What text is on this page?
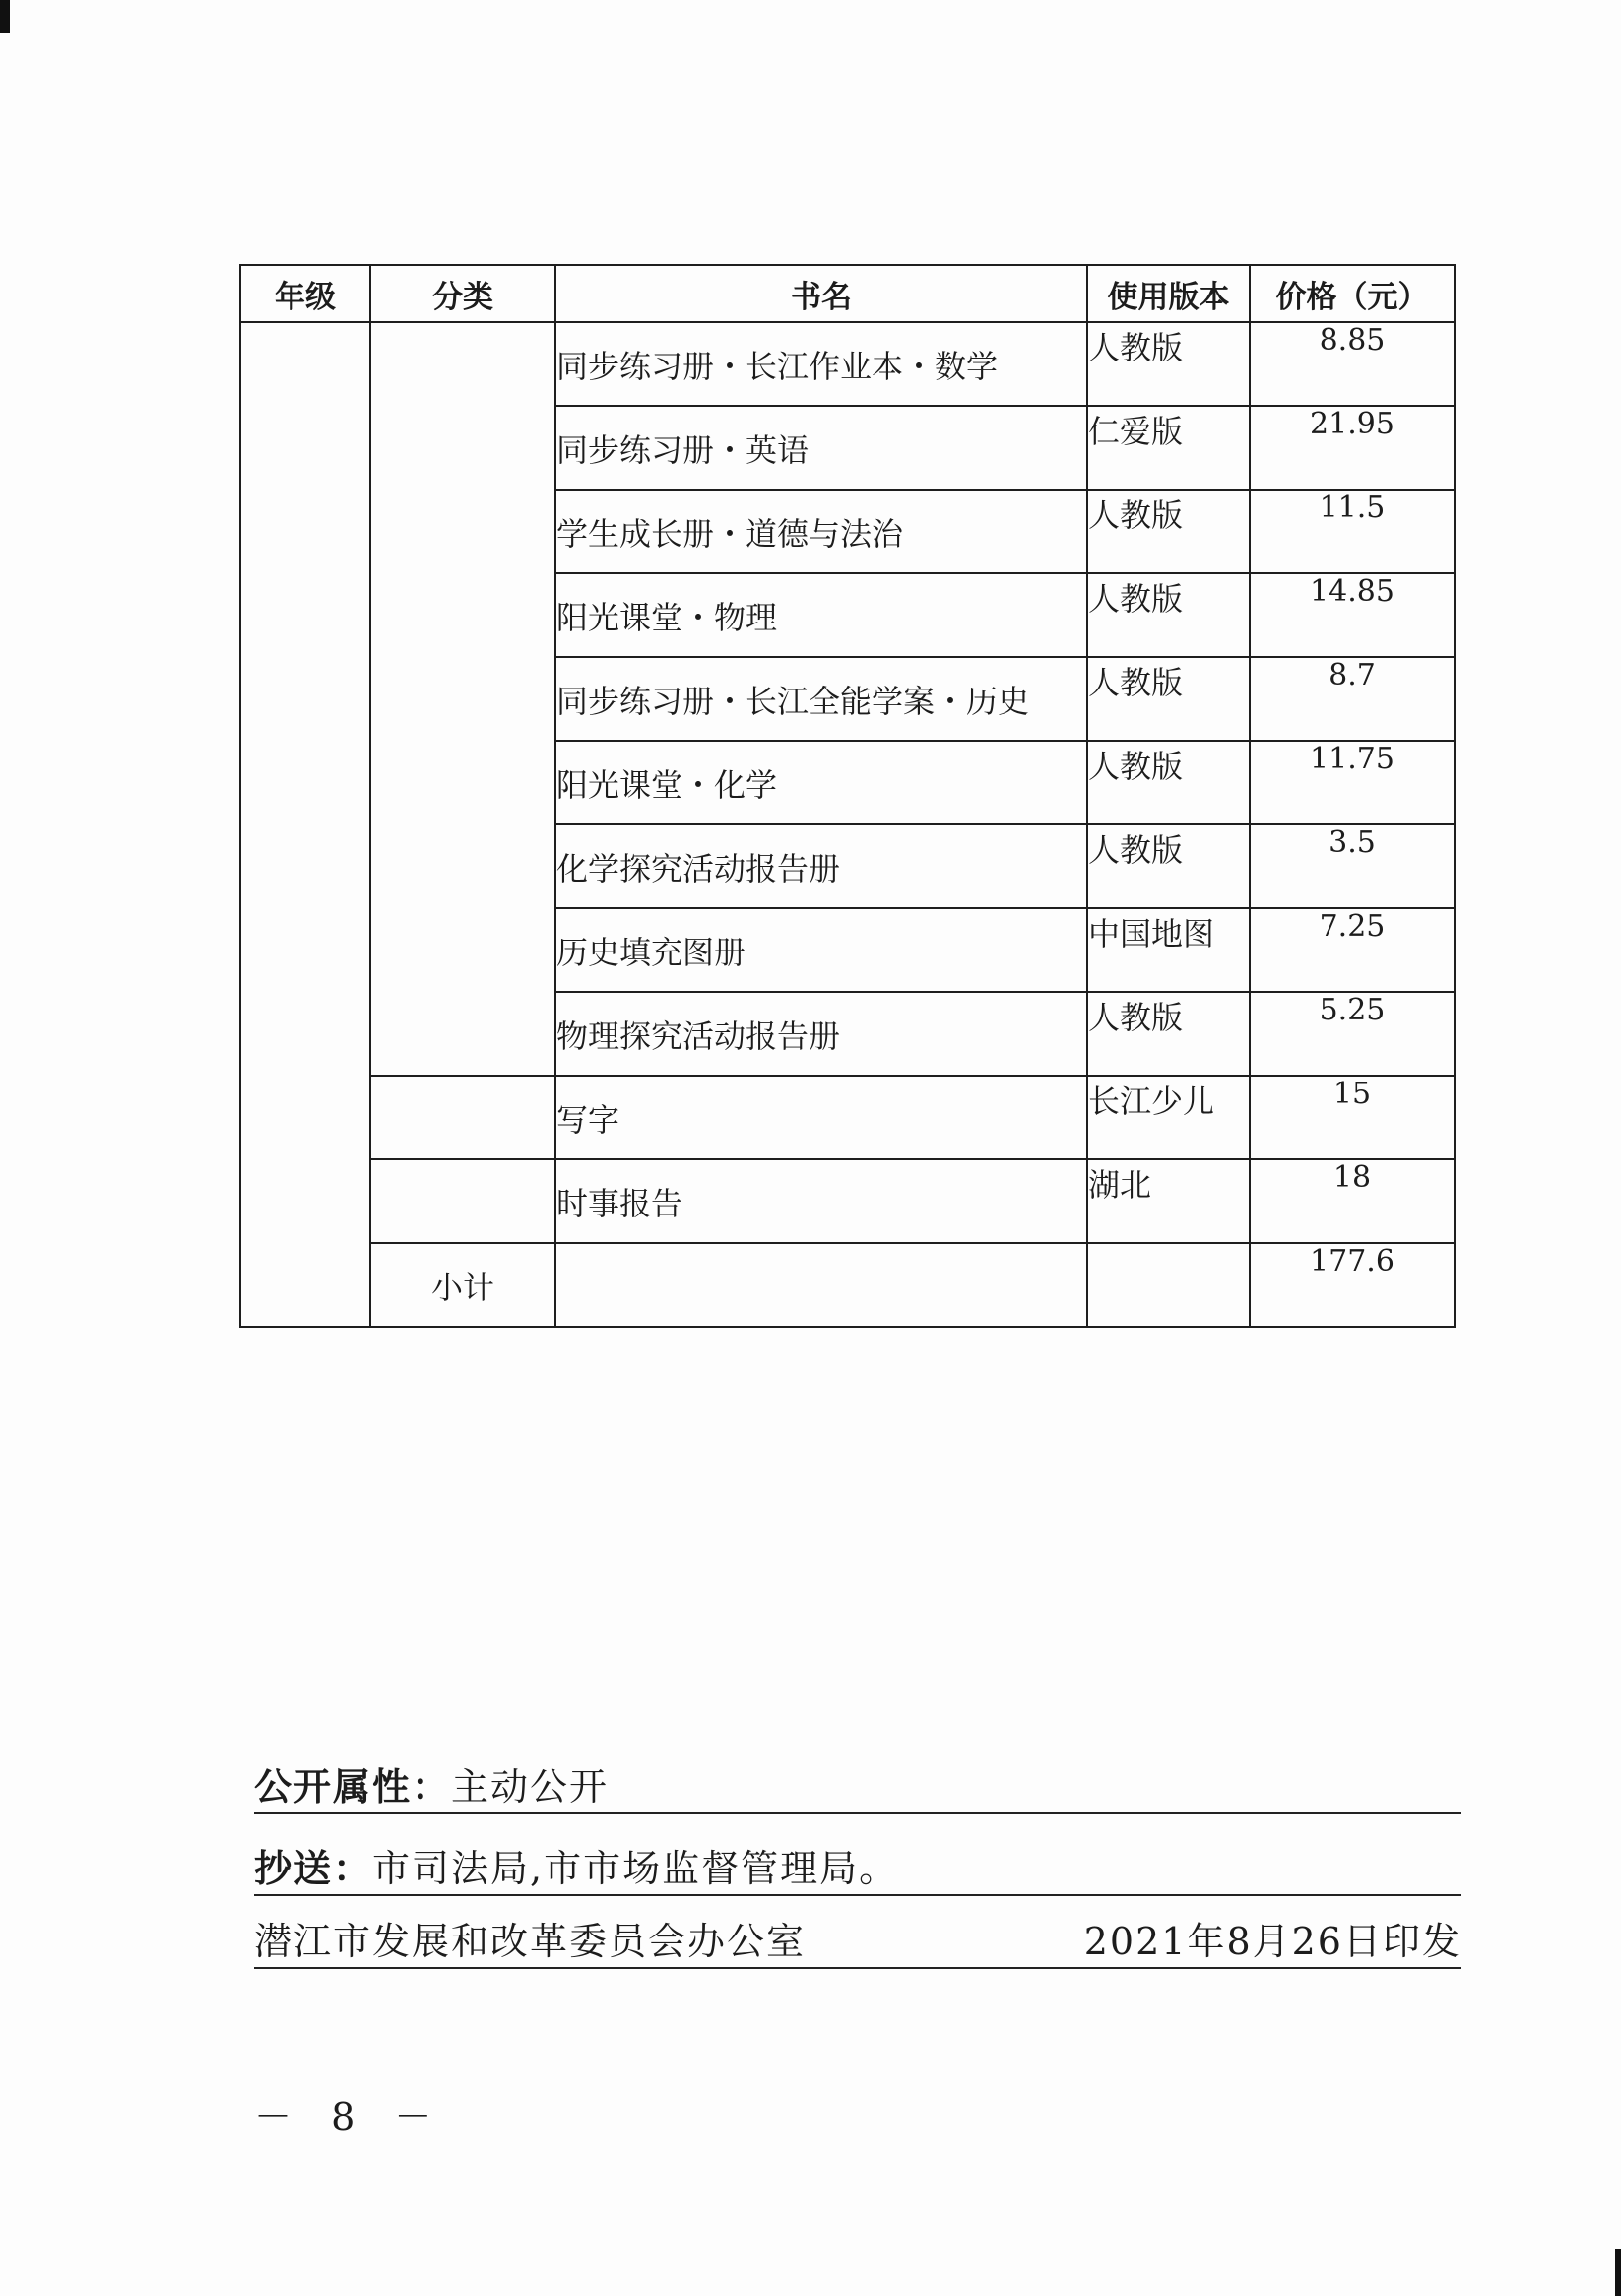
年级	分类	书名	使用版本	价格（元）
		同步练习册・长江作业本・数学	人教版	8.85
		同步练习册・英语	仁爱版	21.95
		学生成长册・道德与法治	人教版	11.5
		阳光课堂・物理	人教版	14.85
		同步练习册・长江全能学案・历史	人教版	8.7
		阳光课堂・化学	人教版	11.75
		化学探究活动报告册	人教版	3.5
		历史填充图册	中国地图	7.25
		物理探究活动报告册	人教版	5.25
		写字	长江少儿	15
		时事报告	湖北	18
	小计			177.6
公开属性：主动公开
抄送：市司法局,市市场监督管理局。
潜江市发展和改革委员会办公室	2021年8月26日印发
－ 8 －
